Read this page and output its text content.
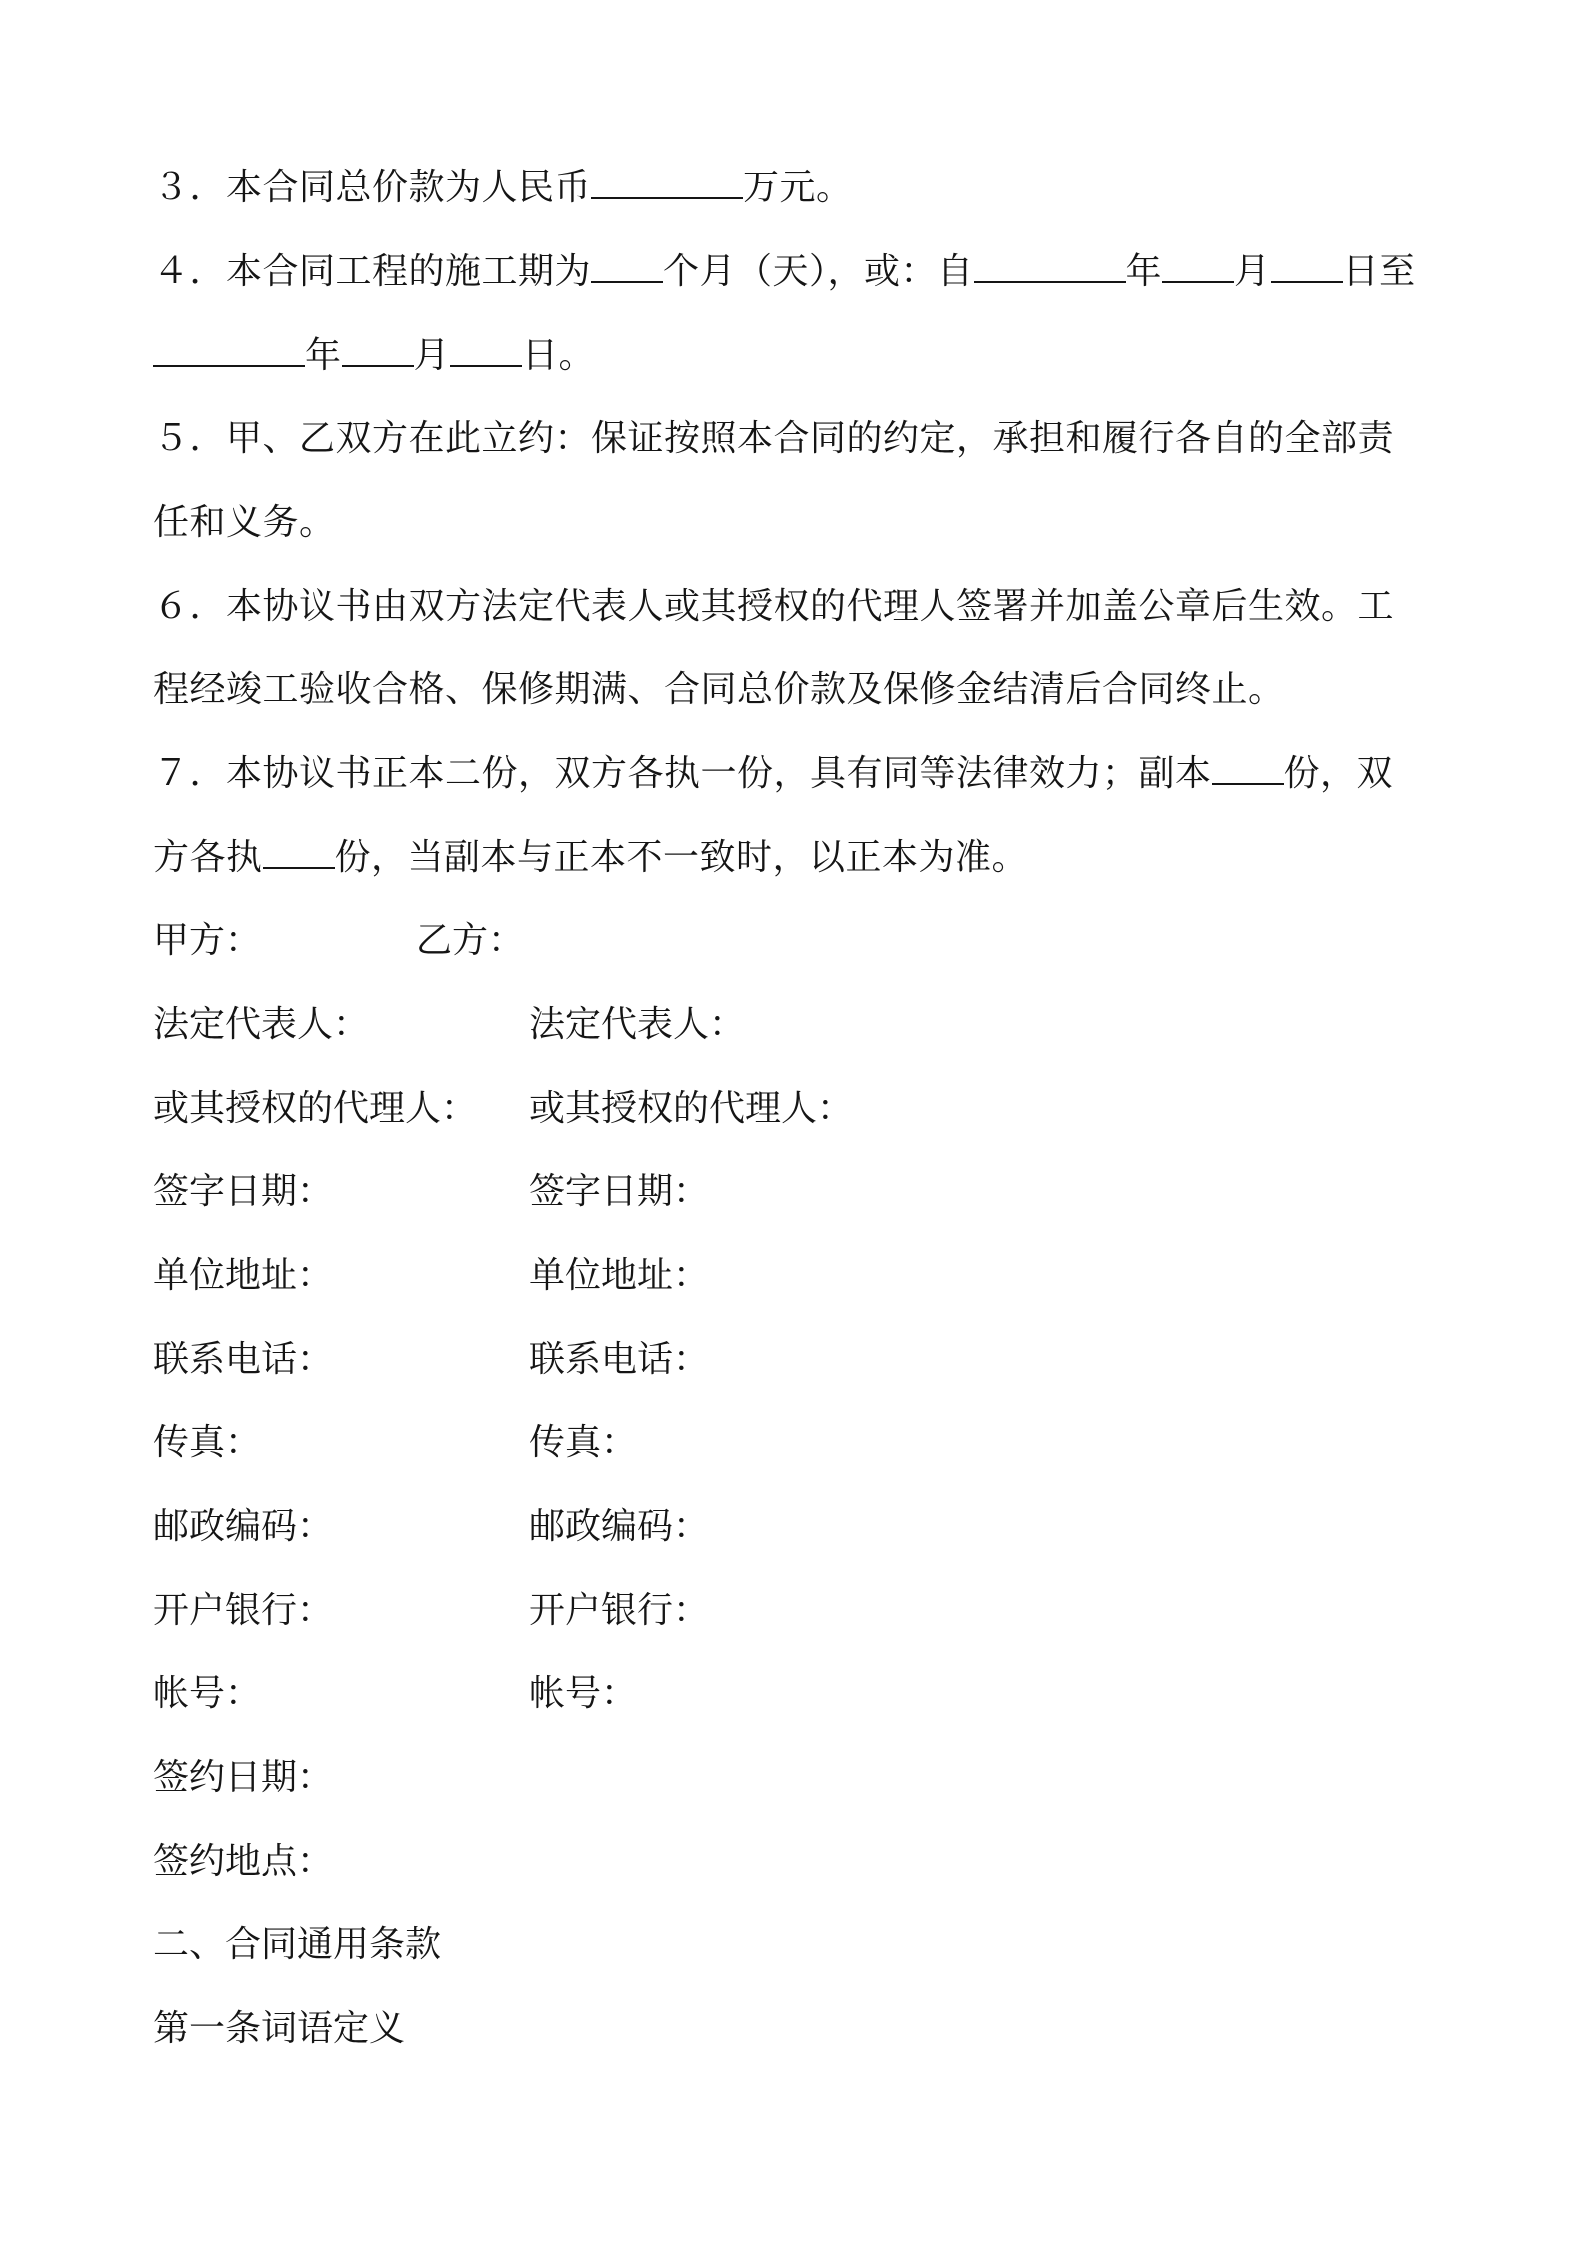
３．本合同总价款为人民币	万元。
４．本合同工程的施工期为 个月（天），或：自	年 月 日至
年 月 日。
５．甲、乙双方在此立约：保证按照本合同的约定，承担和履行各自的全部责
任和义务。
６．本协议书由双方法定代表人或其授权的代理人签署并加盖公章后生效。工
程经竣工验收合格、保修期满、合同总价款及保修金结清后合同终止。
７．本协议书正本二份，双方各执一份，具有同等法律效力；副本 份，双
方各执 份，当副本与正本不一致时，以正本为准。
甲方：	乙方：
法定代表人：	法定代表人：
或其授权的代理人： 或其授权的代理人：
签字日期：	签字日期：
单位地址：	单位地址：
联系电话：	联系电话：
传真：	传真：
邮政编码：	邮政编码：
开户银行：	开户银行：
帐号：	帐号：
签约日期：
签约地点：
二、合同通用条款
第一条词语定义
